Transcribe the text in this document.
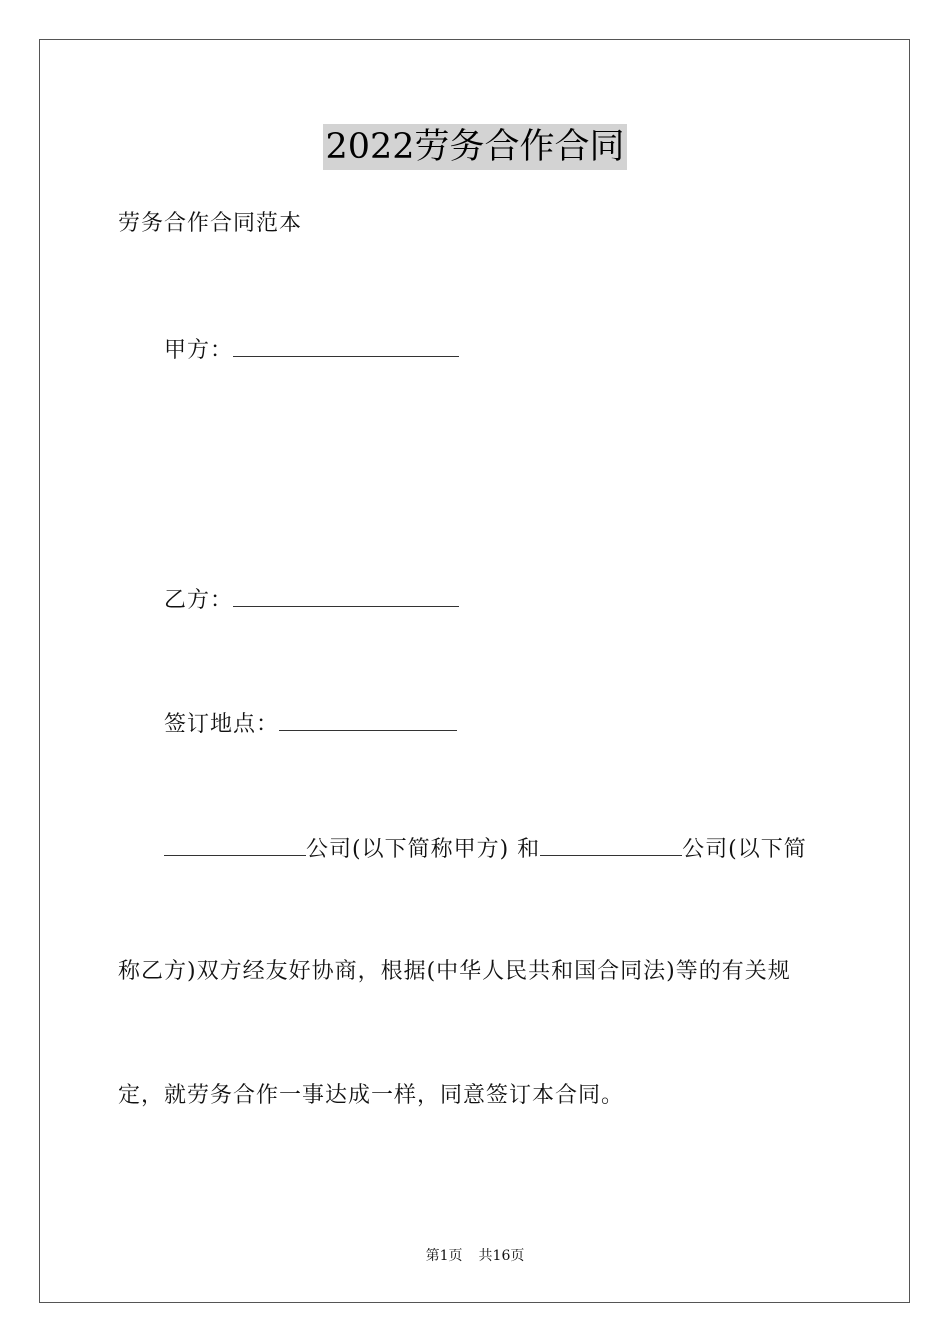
2022劳务合作合同
劳务合作合同范本
甲方：
乙方：
签订地点：
公司(以下简称甲方) 和	公司(以下简
称乙方)双方经友好协商，根据(中华人民共和国合同法)等的有关规
定，就劳务合作一事达成一样，同意签订本合同。
第1页 共16页
